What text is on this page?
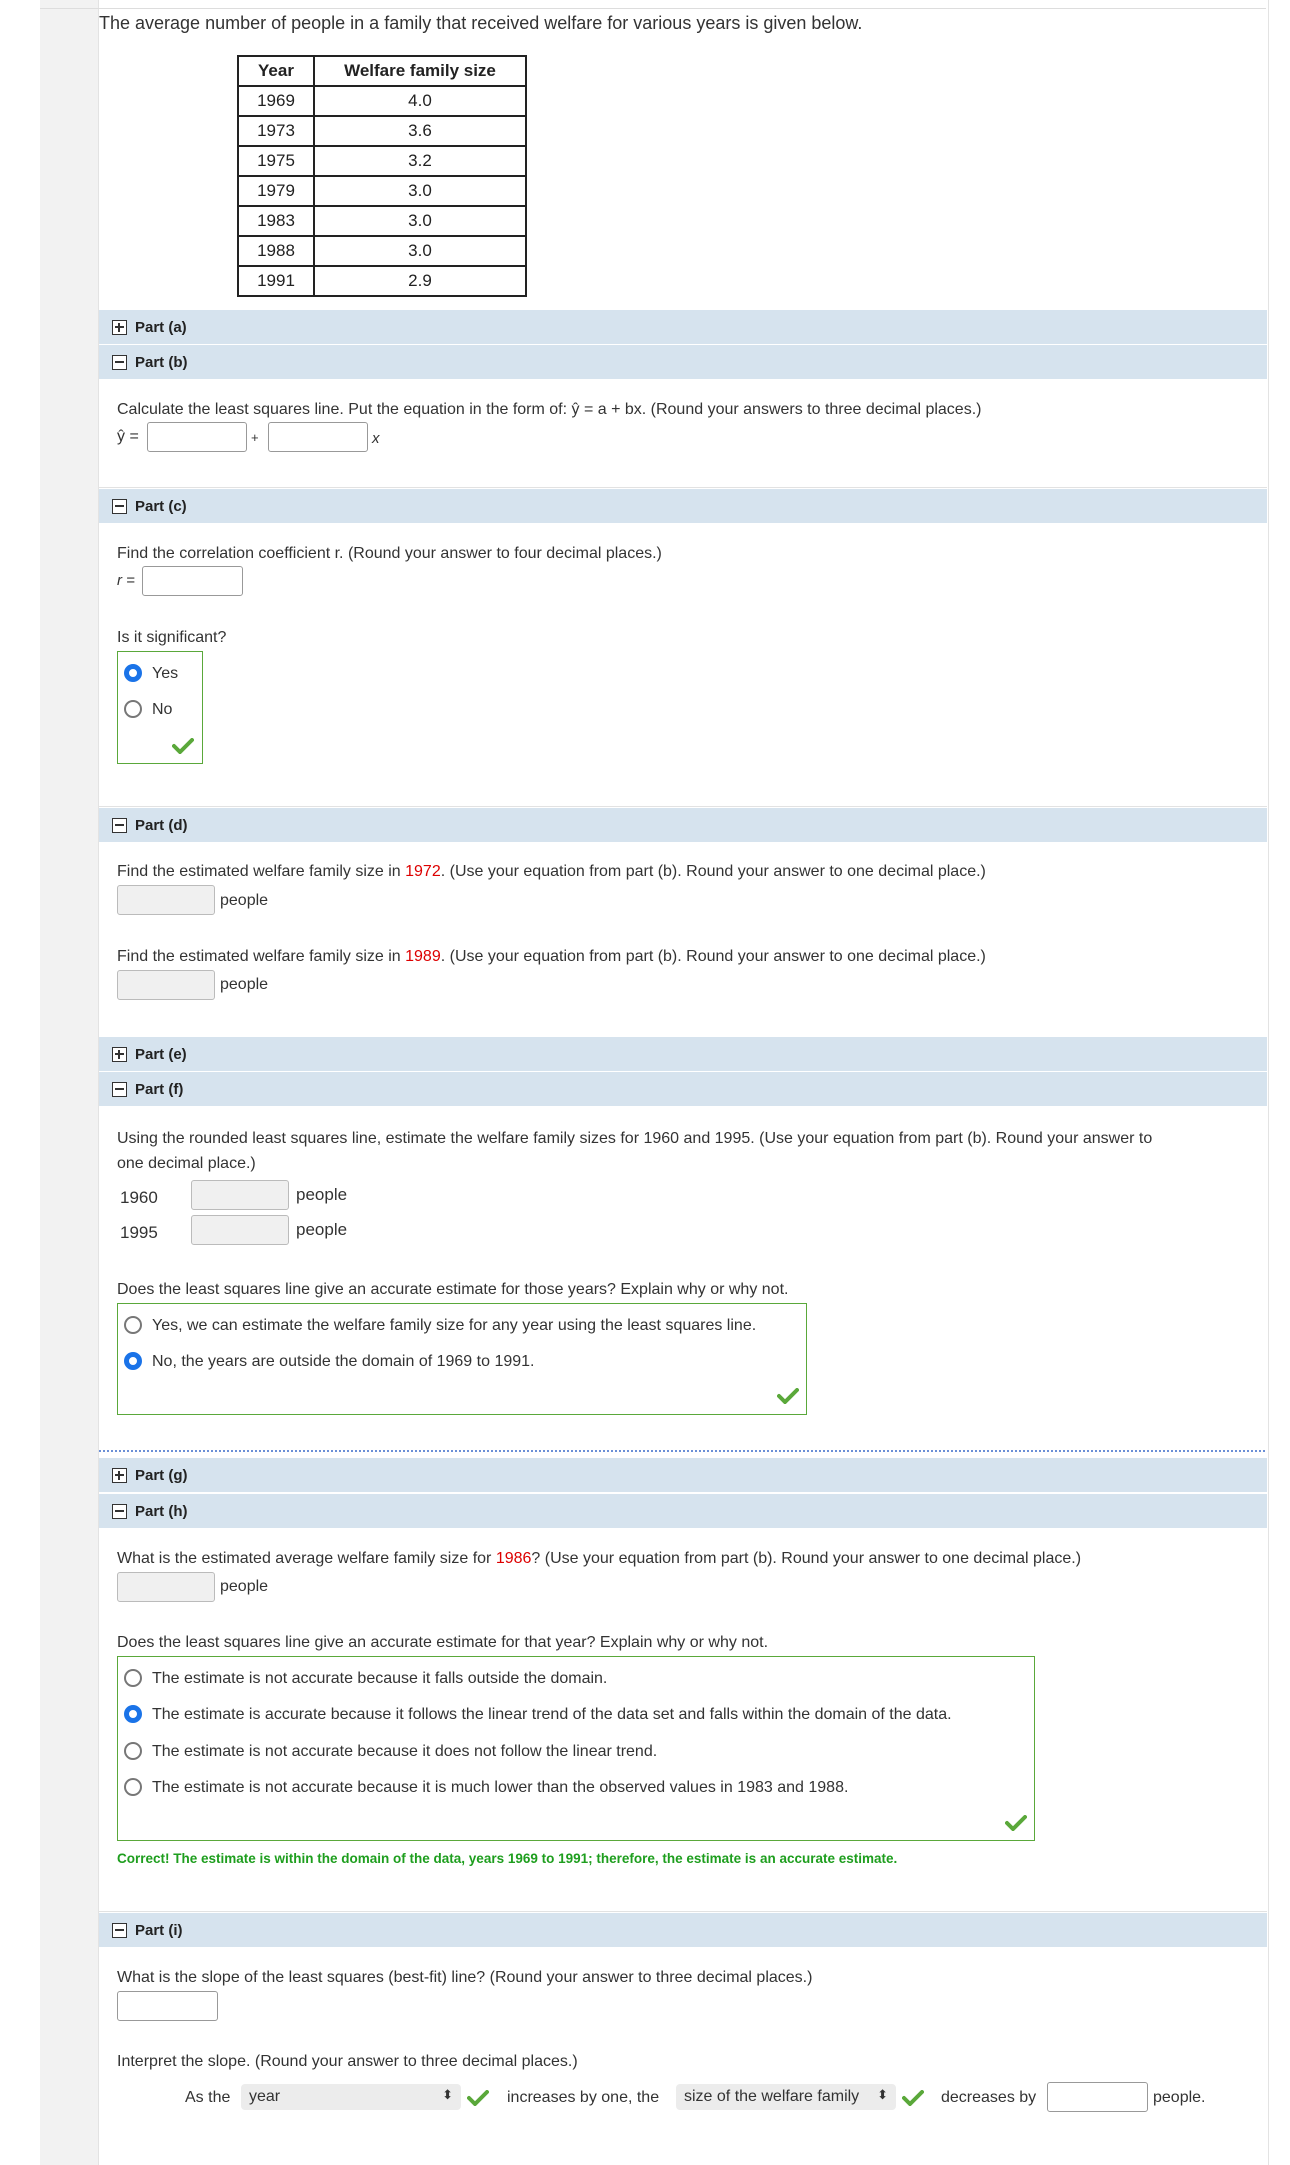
The average number of people in a family that received welfare for various years is given below.
Year	Welfare family size
1969	4.0
1973	3.6
1975	3.2
1979	3.0
1983	3.0
1988	3.0
1991	2.9
Part (a)
Part (b)
Calculate the least squares line. Put the equation in the form of: ŷ = a + bx. (Round your answers to three decimal places.)
ŷ =	+	x
Part (c)
Find the correlation coefficient r. (Round your answer to four decimal places.)
r =
Is it significant?
Yes
No
Part (d)
Find the estimated welfare family size in 1972. (Use your equation from part (b). Round your answer to one decimal place.)
people
Find the estimated welfare family size in 1989. (Use your equation from part (b). Round your answer to one decimal place.)
people
Part (e)
Part (f)
Using the rounded least squares line, estimate the welfare family sizes for 1960 and 1995. (Use your equation from part (b). Round your answer to
one decimal place.)
1960	people
1995	people
Does the least squares line give an accurate estimate for those years? Explain why or why not.
Yes, we can estimate the welfare family size for any year using the least squares line.
No, the years are outside the domain of 1969 to 1991.
Part (g)
Part (h)
What is the estimated average welfare family size for 1986? (Use your equation from part (b). Round your answer to one decimal place.)
people
Does the least squares line give an accurate estimate for that year? Explain why or why not.
The estimate is not accurate because it falls outside the domain.
The estimate is accurate because it follows the linear trend of the data set and falls within the domain of the data.
The estimate is not accurate because it does not follow the linear trend.
The estimate is not accurate because it is much lower than the observed values in 1983 and 1988.
Correct! The estimate is within the domain of the data, years 1969 to 1991; therefore, the estimate is an accurate estimate.
Part (i)
What is the slope of the least squares (best-fit) line? (Round your answer to three decimal places.)
Interpret the slope. (Round your answer to three decimal places.)
As the year	⬍	increases by one, the size of the welfare family ⬍	decreases by	people.
